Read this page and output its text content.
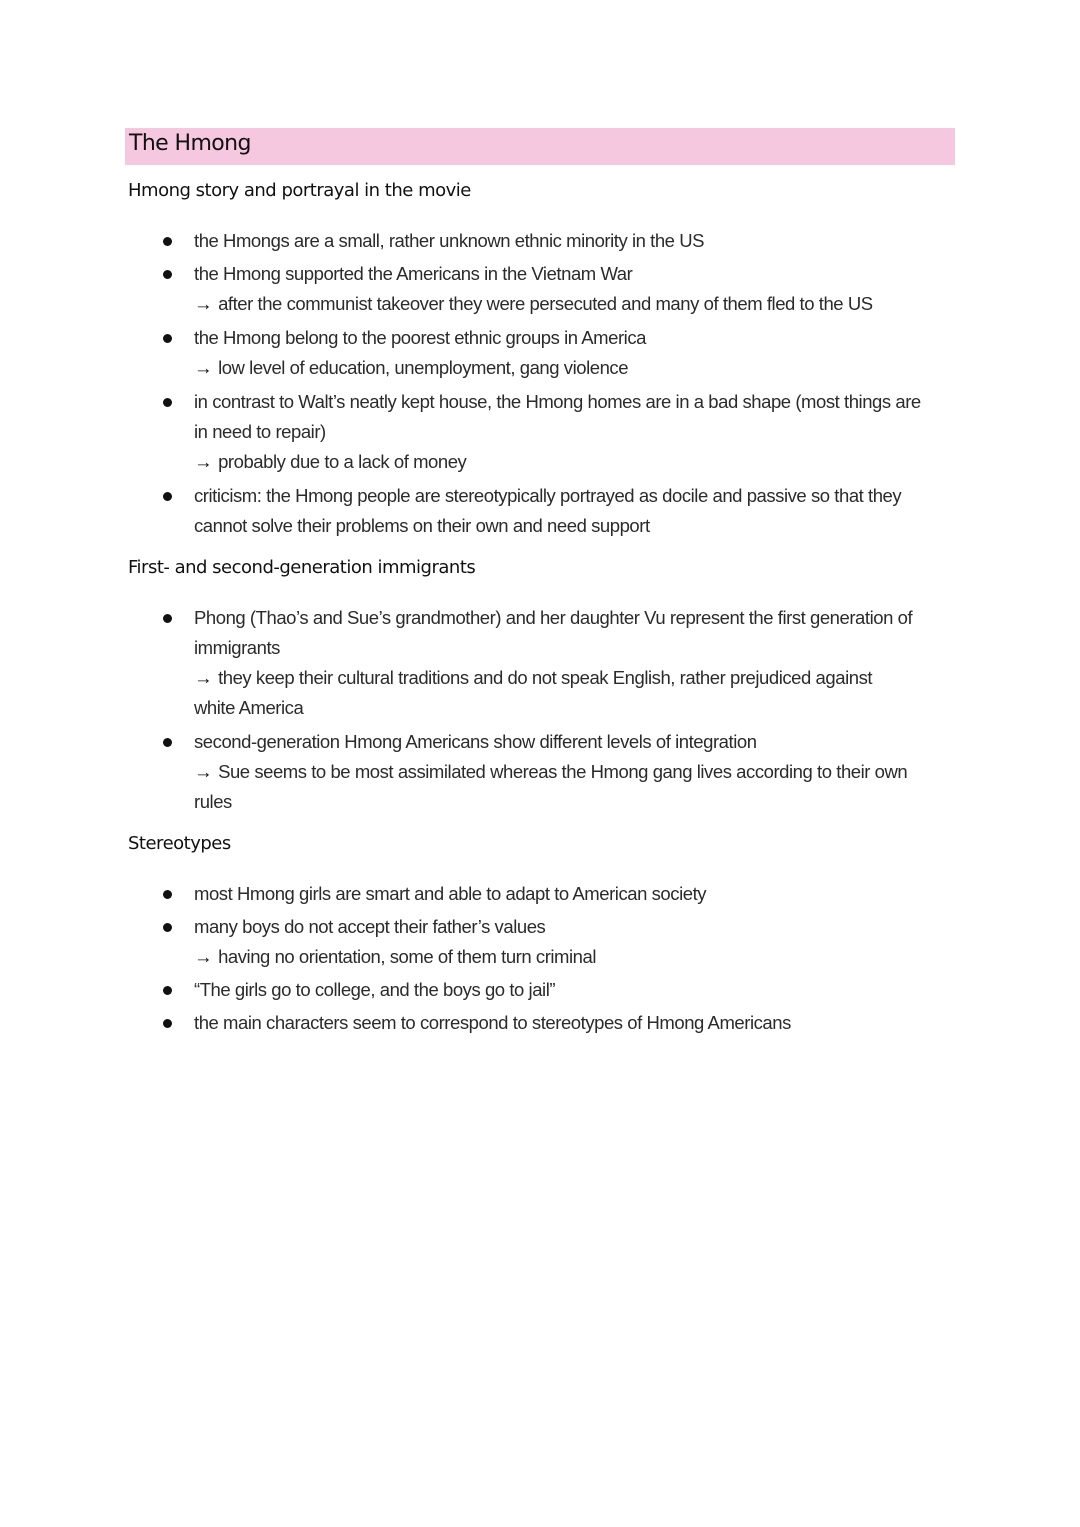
The Hmong
Hmong story and portrayal in the movie
the Hmongs are a small, rather unknown ethnic minority in the US
the Hmong supported the Americans in the Vietnam War
→ after the communist takeover they were persecuted and many of them fled to the US
the Hmong belong to the poorest ethnic groups in America
→ low level of education, unemployment, gang violence
in contrast to Walt’s neatly kept house, the Hmong homes are in a bad shape (most things are
in need to repair)
→ probably due to a lack of money
criticism: the Hmong people are stereotypically portrayed as docile and passive so that they
cannot solve their problems on their own and need support
First- and second-generation immigrants
Phong (Thao’s and Sue’s grandmother) and her daughter Vu represent the first generation of
immigrants
→ they keep their cultural traditions and do not speak English, rather prejudiced against
white America
second-generation Hmong Americans show different levels of integration
→ Sue seems to be most assimilated whereas the Hmong gang lives according to their own
rules
Stereotypes
most Hmong girls are smart and able to adapt to American society
many boys do not accept their father’s values
→ having no orientation, some of them turn criminal
“The girls go to college, and the boys go to jail”
the main characters seem to correspond to stereotypes of Hmong Americans
